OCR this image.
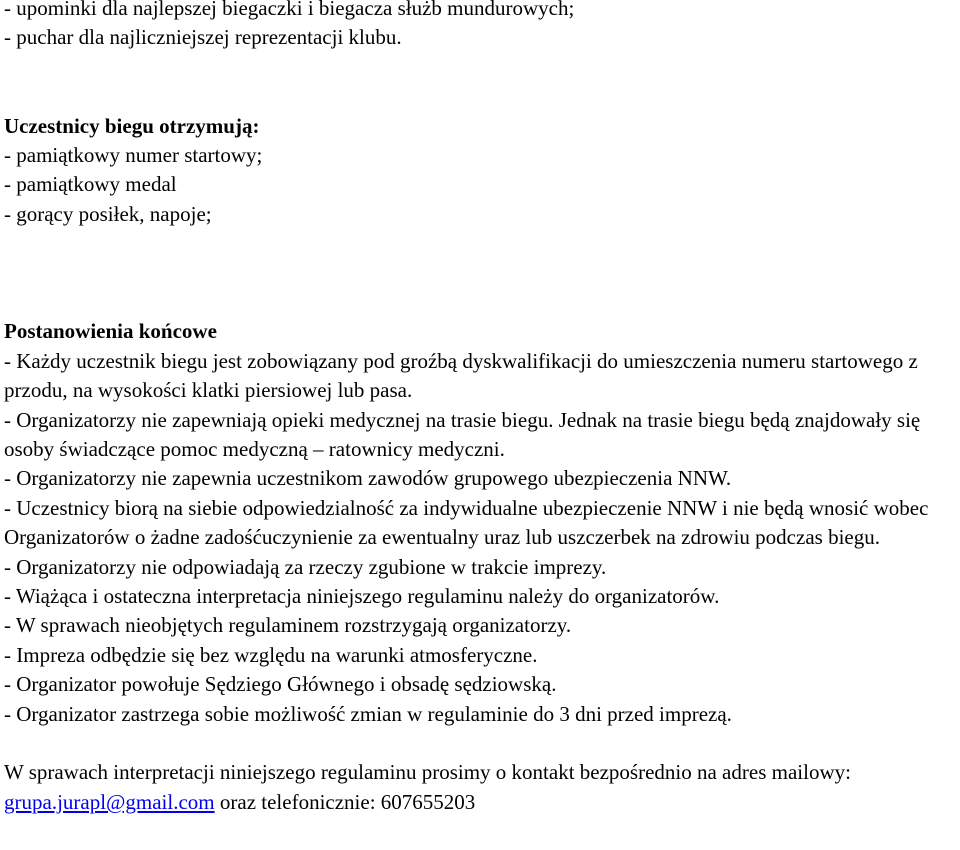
- upominki dla najlepszej biegaczki i biegacza służb mundurowych;
- puchar dla najliczniejszej reprezentacji klubu.
Uczestnicy biegu otrzymują:
- pamiątkowy numer startowy;
- pamiątkowy medal
- gorący posiłek, napoje;
Postanowienia końcowe
- Każdy uczestnik biegu jest zobowiązany pod groźbą dyskwalifikacji do umieszczenia numeru startowego z przodu, na wysokości klatki piersiowej lub pasa.
- Organizatorzy nie zapewniają opieki medycznej na trasie biegu. Jednak na trasie biegu będą znajdowały się osoby świadczące pomoc medyczną – ratownicy medyczni.
- Organizatorzy nie zapewnia uczestnikom zawodów grupowego ubezpieczenia NNW.
- Uczestnicy biorą na siebie odpowiedzialność za indywidualne ubezpieczenie NNW i nie będą wnosić wobec Organizatorów o żadne zadośćuczynienie za ewentualny uraz lub uszczerbek na zdrowiu podczas biegu.
- Organizatorzy nie odpowiadają za rzeczy zgubione w trakcie imprezy.
- Wiążąca i ostateczna interpretacja niniejszego regulaminu należy do organizatorów.
- W sprawach nieobjętych regulaminem rozstrzygają organizatorzy.
- Impreza odbędzie się bez względu na warunki atmosferyczne.
- Organizator powołuje Sędziego Głównego i obsadę sędziowską.
- Organizator zastrzega sobie możliwość zmian w regulaminie do 3 dni przed imprezą.
W sprawach interpretacji niniejszego regulaminu prosimy o kontakt bezpośrednio na adres mailowy: grupa.jurapl@gmail.com oraz telefonicznie: 607655203
